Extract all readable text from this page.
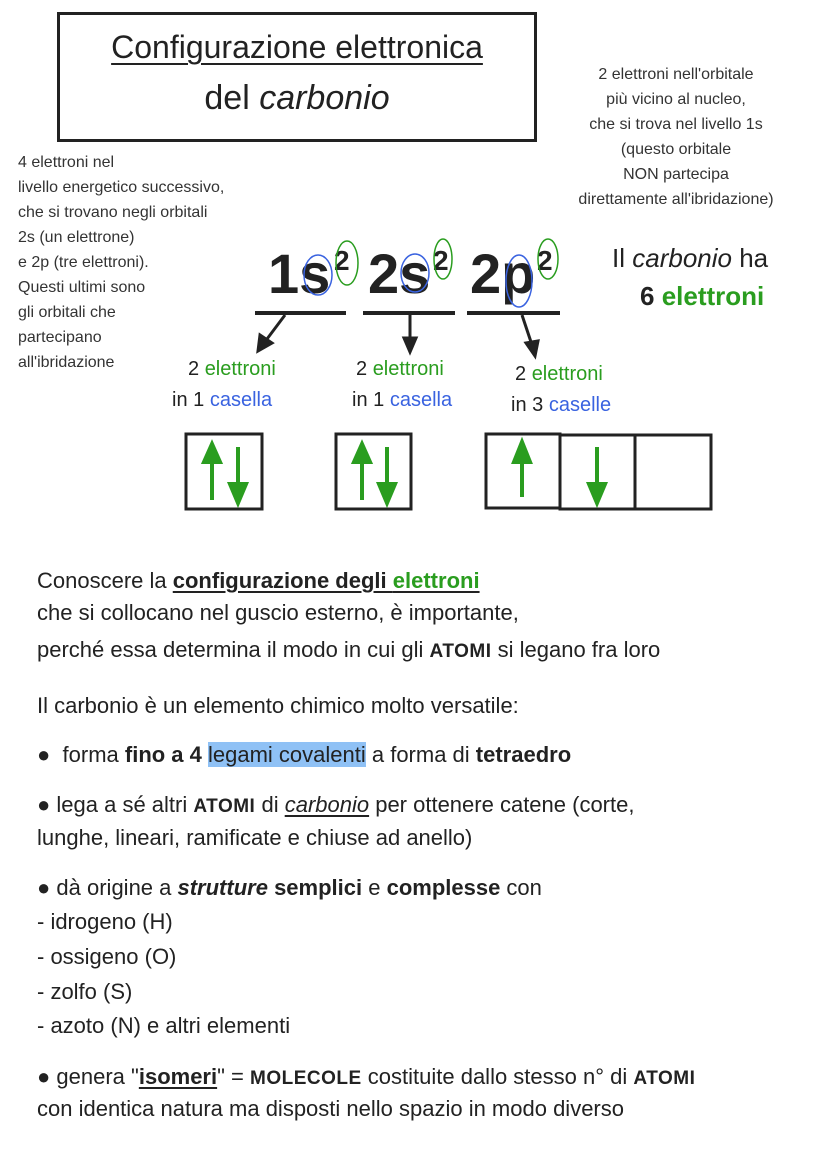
Configurazione elettronica
del carbonio
2 elettroni nell'orbitale
più vicino al nucleo,
che si trova nel livello 1s
(questo orbitale
NON partecipa
direttamente all'ibridazione)
4 elettroni nel
livello energetico successivo,
che si trovano negli orbitali
2s (un elettrone)
e 2p (tre elettroni).
Questi ultimi sono
gli orbitali che
partecipano
all'ibridazione
1s 2 2s 2 2p 2 Il carbonio ha
6 elettroni
2 elettroni
in 1 casella
2 elettroni
in 1 casella
2 elettroni
in 3 caselle
Conoscere la configurazione degli elettroni
che si collocano nel guscio esterno, è importante,
perché essa determina il modo in cui gli ATOMI si legano fra loro
Il carbonio è un elemento chimico molto versatile:
●  forma fino a 4 legami covalenti a forma di tetraedro
● lega a sé altri ATOMI di carbonio per ottenere catene (corte,
lunghe, lineari, ramificate e chiuse ad anello)
● dà origine a strutture semplici e complesse con
- idrogeno (H)
- ossigeno (O)
- zolfo (S)
- azoto (N) e altri elementi
● genera "isomeri" = MOLECOLE costituite dallo stesso n° di ATOMI
con identica natura ma disposti nello spazio in modo diverso
